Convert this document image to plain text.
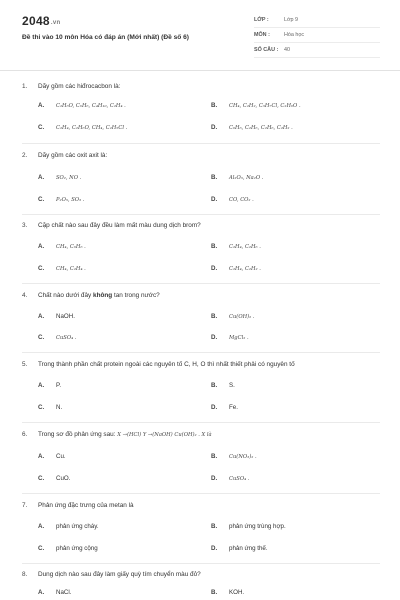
2048.vn
Đề thi vào 10 môn Hóa có đáp án (Mới nhất) (Đề số 6)
LỚP :	Lớp 9
MÔN :	Hóa học
SỐ CÂU : 40
1. Dãy gồm các hiđrocacbon là:
A. C₂H₆O, C₆H₆, C₄H₁₀, C₂H₄ .	B. CH₄, C₂H₂, C₃H₇Cl, C₂H₆O .
C. C₂H₄, C₂H₆O, CH₄, C₂H₅Cl .	D. C₆H₆, C₂H₆, C₂H₆, C₂H₂ .
2. Dãy gồm các oxit axit là:
A. SO₂, NO .	B. Al₂O₃, Na₂O .
C. P₂O₅, SO₃ .	D. CO, CO₂ .
3. Cặp chất nào sau đây đều làm mất màu dung dịch brom?
A. CH₄, C₆H₆ .	B. C₂H₄, C₂H₆ .
C. CH₄, C₂H₄ .	D. C₂H₄, C₂H₂ .
4. Chất nào dưới đây không tan trong nước?
A. NaOH.	B. Cu(OH)₂ .
C. CuSO₄ .	D. MgCl₂ .
5. Trong thành phần chất protein ngoài các nguyên tố C, H, O thì nhất thiết phải có nguyên tố
A. P.	B. S.
C. N.	D. Fe.
6. Trong sơ đồ phản ứng sau: X →(HCl) Y →(NaOH) Cu(OH)₂ . X là
A. Cu.	B. Cu(NO₃)₂ .
C. CuO.	D. CuSO₄ .
7. Phản ứng đặc trưng của metan là
A. phản ứng cháy.	B. phản ứng trùng hợp.
C. phản ứng cộng	D. phản ứng thế.
8. Dung dịch nào sau đây làm giấy quỳ tím chuyển màu đỏ?
A. NaCl.	B. KOH.
